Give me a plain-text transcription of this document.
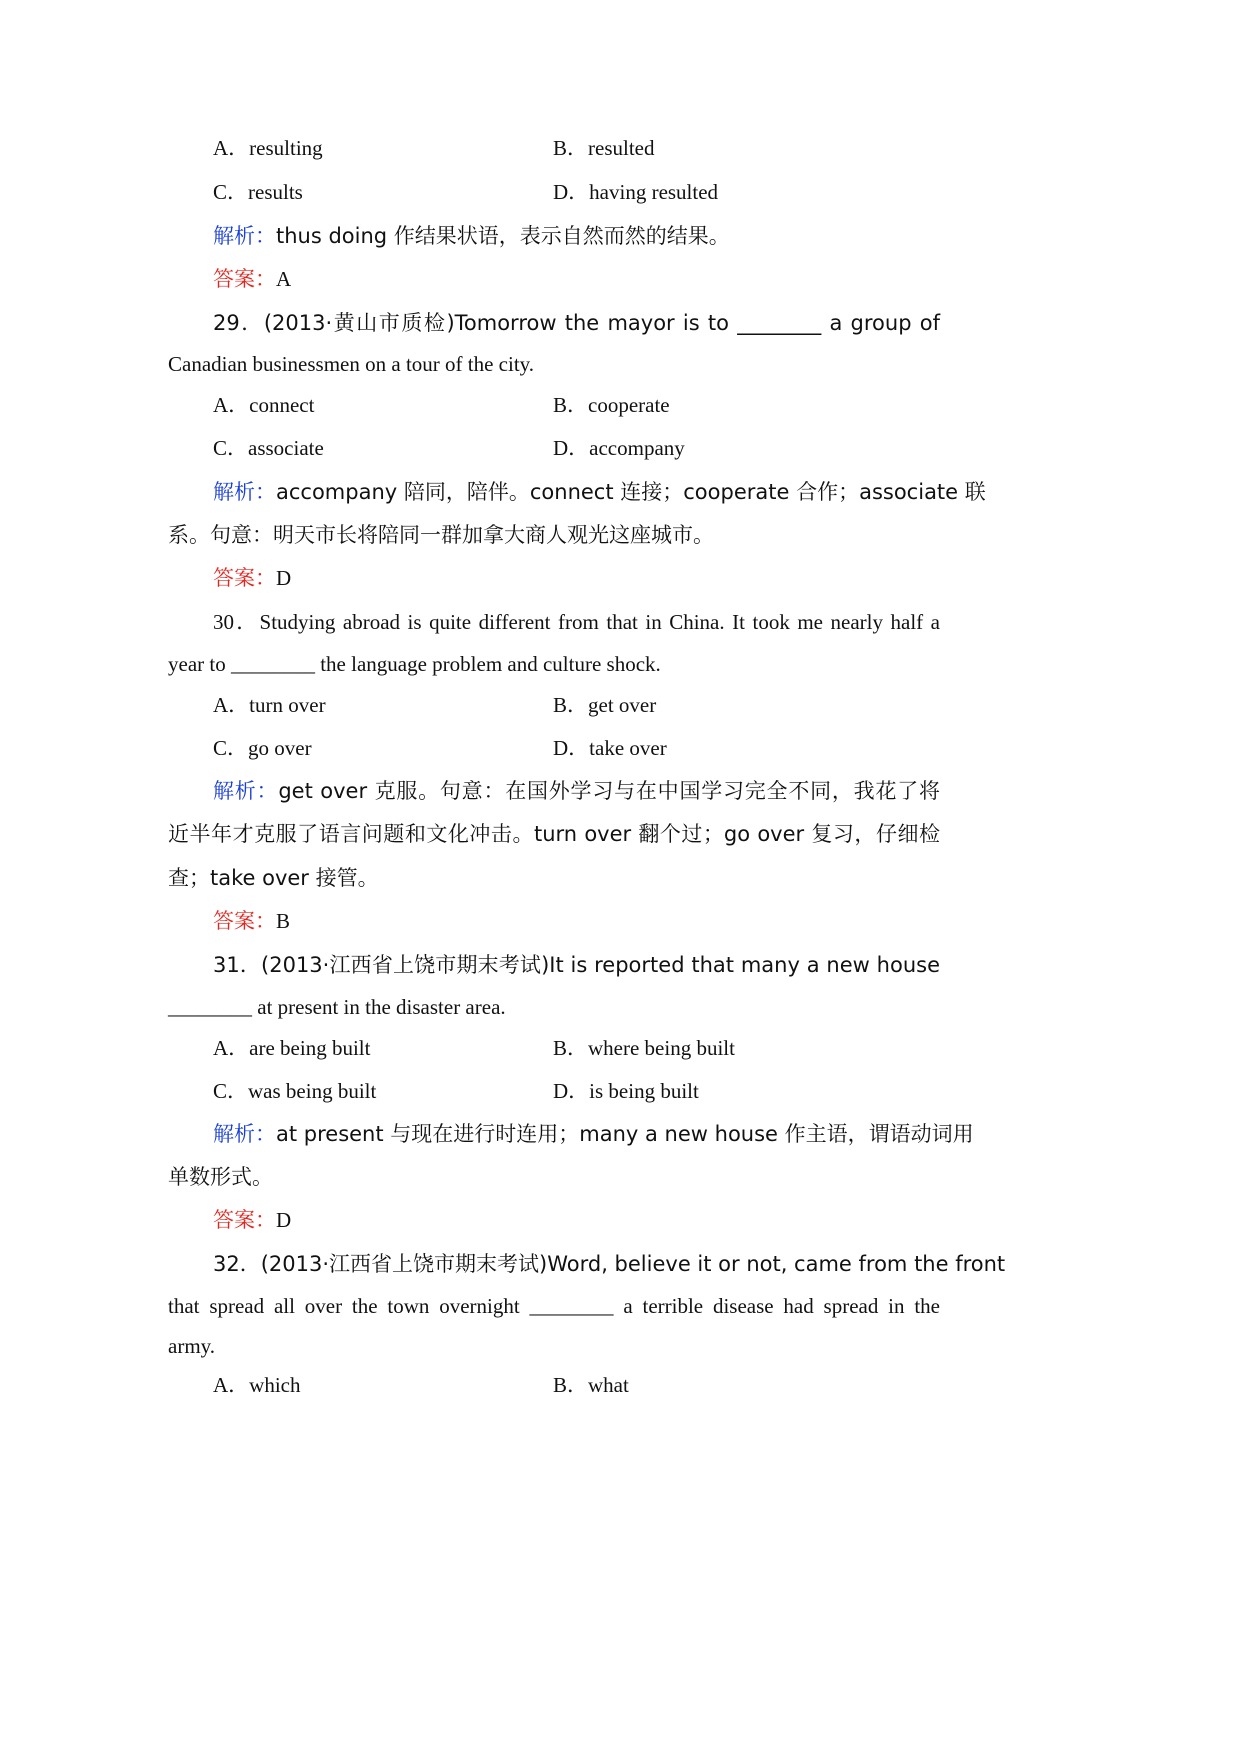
A．resulting	B．resulted
C．results	D．having resulted
解析：thus doing 作结果状语，表示自然而然的结果。
答案：A
29．(2013·黄山市质检)Tomorrow the mayor is to ________ a group of
Canadian businessmen on a tour of the city.
A．connect	B．cooperate
C．associate	D．accompany
解析：accompany 陪同，陪伴。connect 连接；cooperate 合作；associate 联
系。句意：明天市长将陪同一群加拿大商人观光这座城市。
答案：D
30．Studying abroad is quite different from that in China. It took me nearly half a
year to ________ the language problem and culture shock.
A．turn over	B．get over
C．go over	D．take over
解析：get over 克服。句意：在国外学习与在中国学习完全不同，我花了将
近半年才克服了语言问题和文化冲击。turn over 翻个过；go over 复习，仔细检
查；take over 接管。
答案：B
31．(2013·江西省上饶市期末考试)It is reported that many a new house
________ at present in the disaster area.
A．are being built	B．where being built
C．was being built	D．is being built
解析：at present 与现在进行时连用；many a new house 作主语，谓语动词用
单数形式。
答案：D
32．(2013·江西省上饶市期末考试)Word, believe it or not, came from the front
that spread all over the town overnight ________ a terrible disease had spread in the
army.
A．which	B．what
